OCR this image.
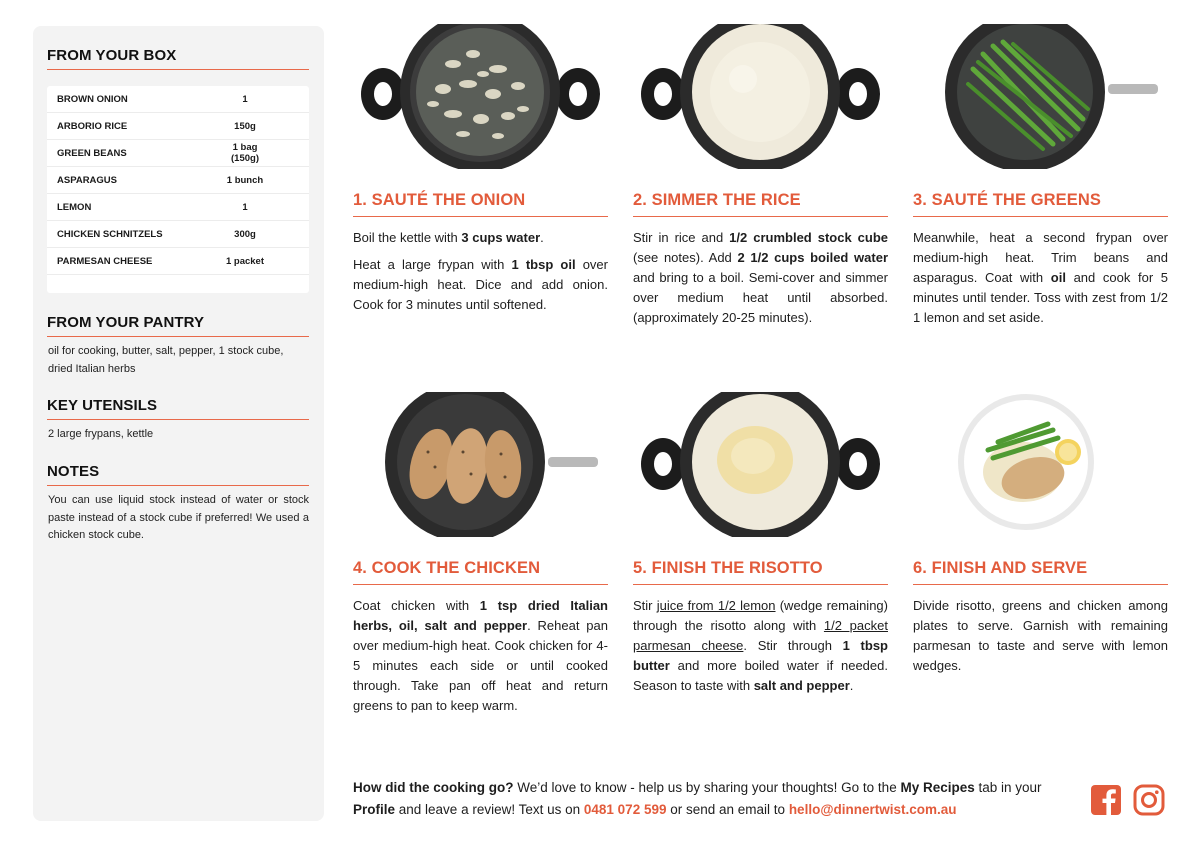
FROM YOUR BOX
BROWN ONION	1
ARBORIO RICE	150g
GREEN BEANS	1 bag (150g)
ASPARAGUS	1 bunch
LEMON	1
CHICKEN SCHNITZELS	300g
PARMESAN CHEESE	1 packet
FROM YOUR PANTRY
oil for cooking, butter, salt, pepper, 1 stock cube, dried Italian herbs
KEY UTENSILS
2 large frypans, kettle
NOTES
You can use liquid stock instead of water or stock paste instead of a stock cube if preferred! We used a chicken stock cube.
1. SAUTÉ THE ONION	2. SIMMER THE RICE	3. SAUTÉ THE GREENS
4. COOK THE CHICKEN	5. FINISH THE RISOTTO	6. FINISH AND SERVE

Boil the kettle with 3 cups water.

Heat a large frypan with 1 tbsp oil over medium-high heat. Dice and add onion. Cook for 3 minutes until softened.

Stir in rice and 1/2 crumbled stock cube (see notes). Add 2 1/2 cups boiled water and bring to a boil. Semi-cover and simmer over medium heat until absorbed. (approximately 20-25 minutes).

Meanwhile, heat a second frypan over medium-high heat. Trim beans and asparagus. Coat with oil and cook for 5 minutes until tender. Toss with zest from 1/2 1 lemon and set aside.

Coat chicken with 1 tsp dried Italian herbs, oil, salt and pepper. Reheat pan over medium-high heat. Cook chicken for 4-5 minutes each side or until cooked through. Take pan off heat and return greens to pan to keep warm.

Stir juice from 1/2 lemon (wedge remaining) through the risotto along with 1/2 packet parmesan cheese. Stir through 1 tbsp butter and more boiled water if needed. Season to taste with salt and pepper.

Divide risotto, greens and chicken among plates to serve. Garnish with remaining parmesan to taste and serve with lemon wedges.

How did the cooking go? We’d love to know - help us by sharing your thoughts! Go to the My Recipes tab in your Profile and leave a review! Text us on 0481 072 599 or send an email to hello@dinnertwist.com.au
